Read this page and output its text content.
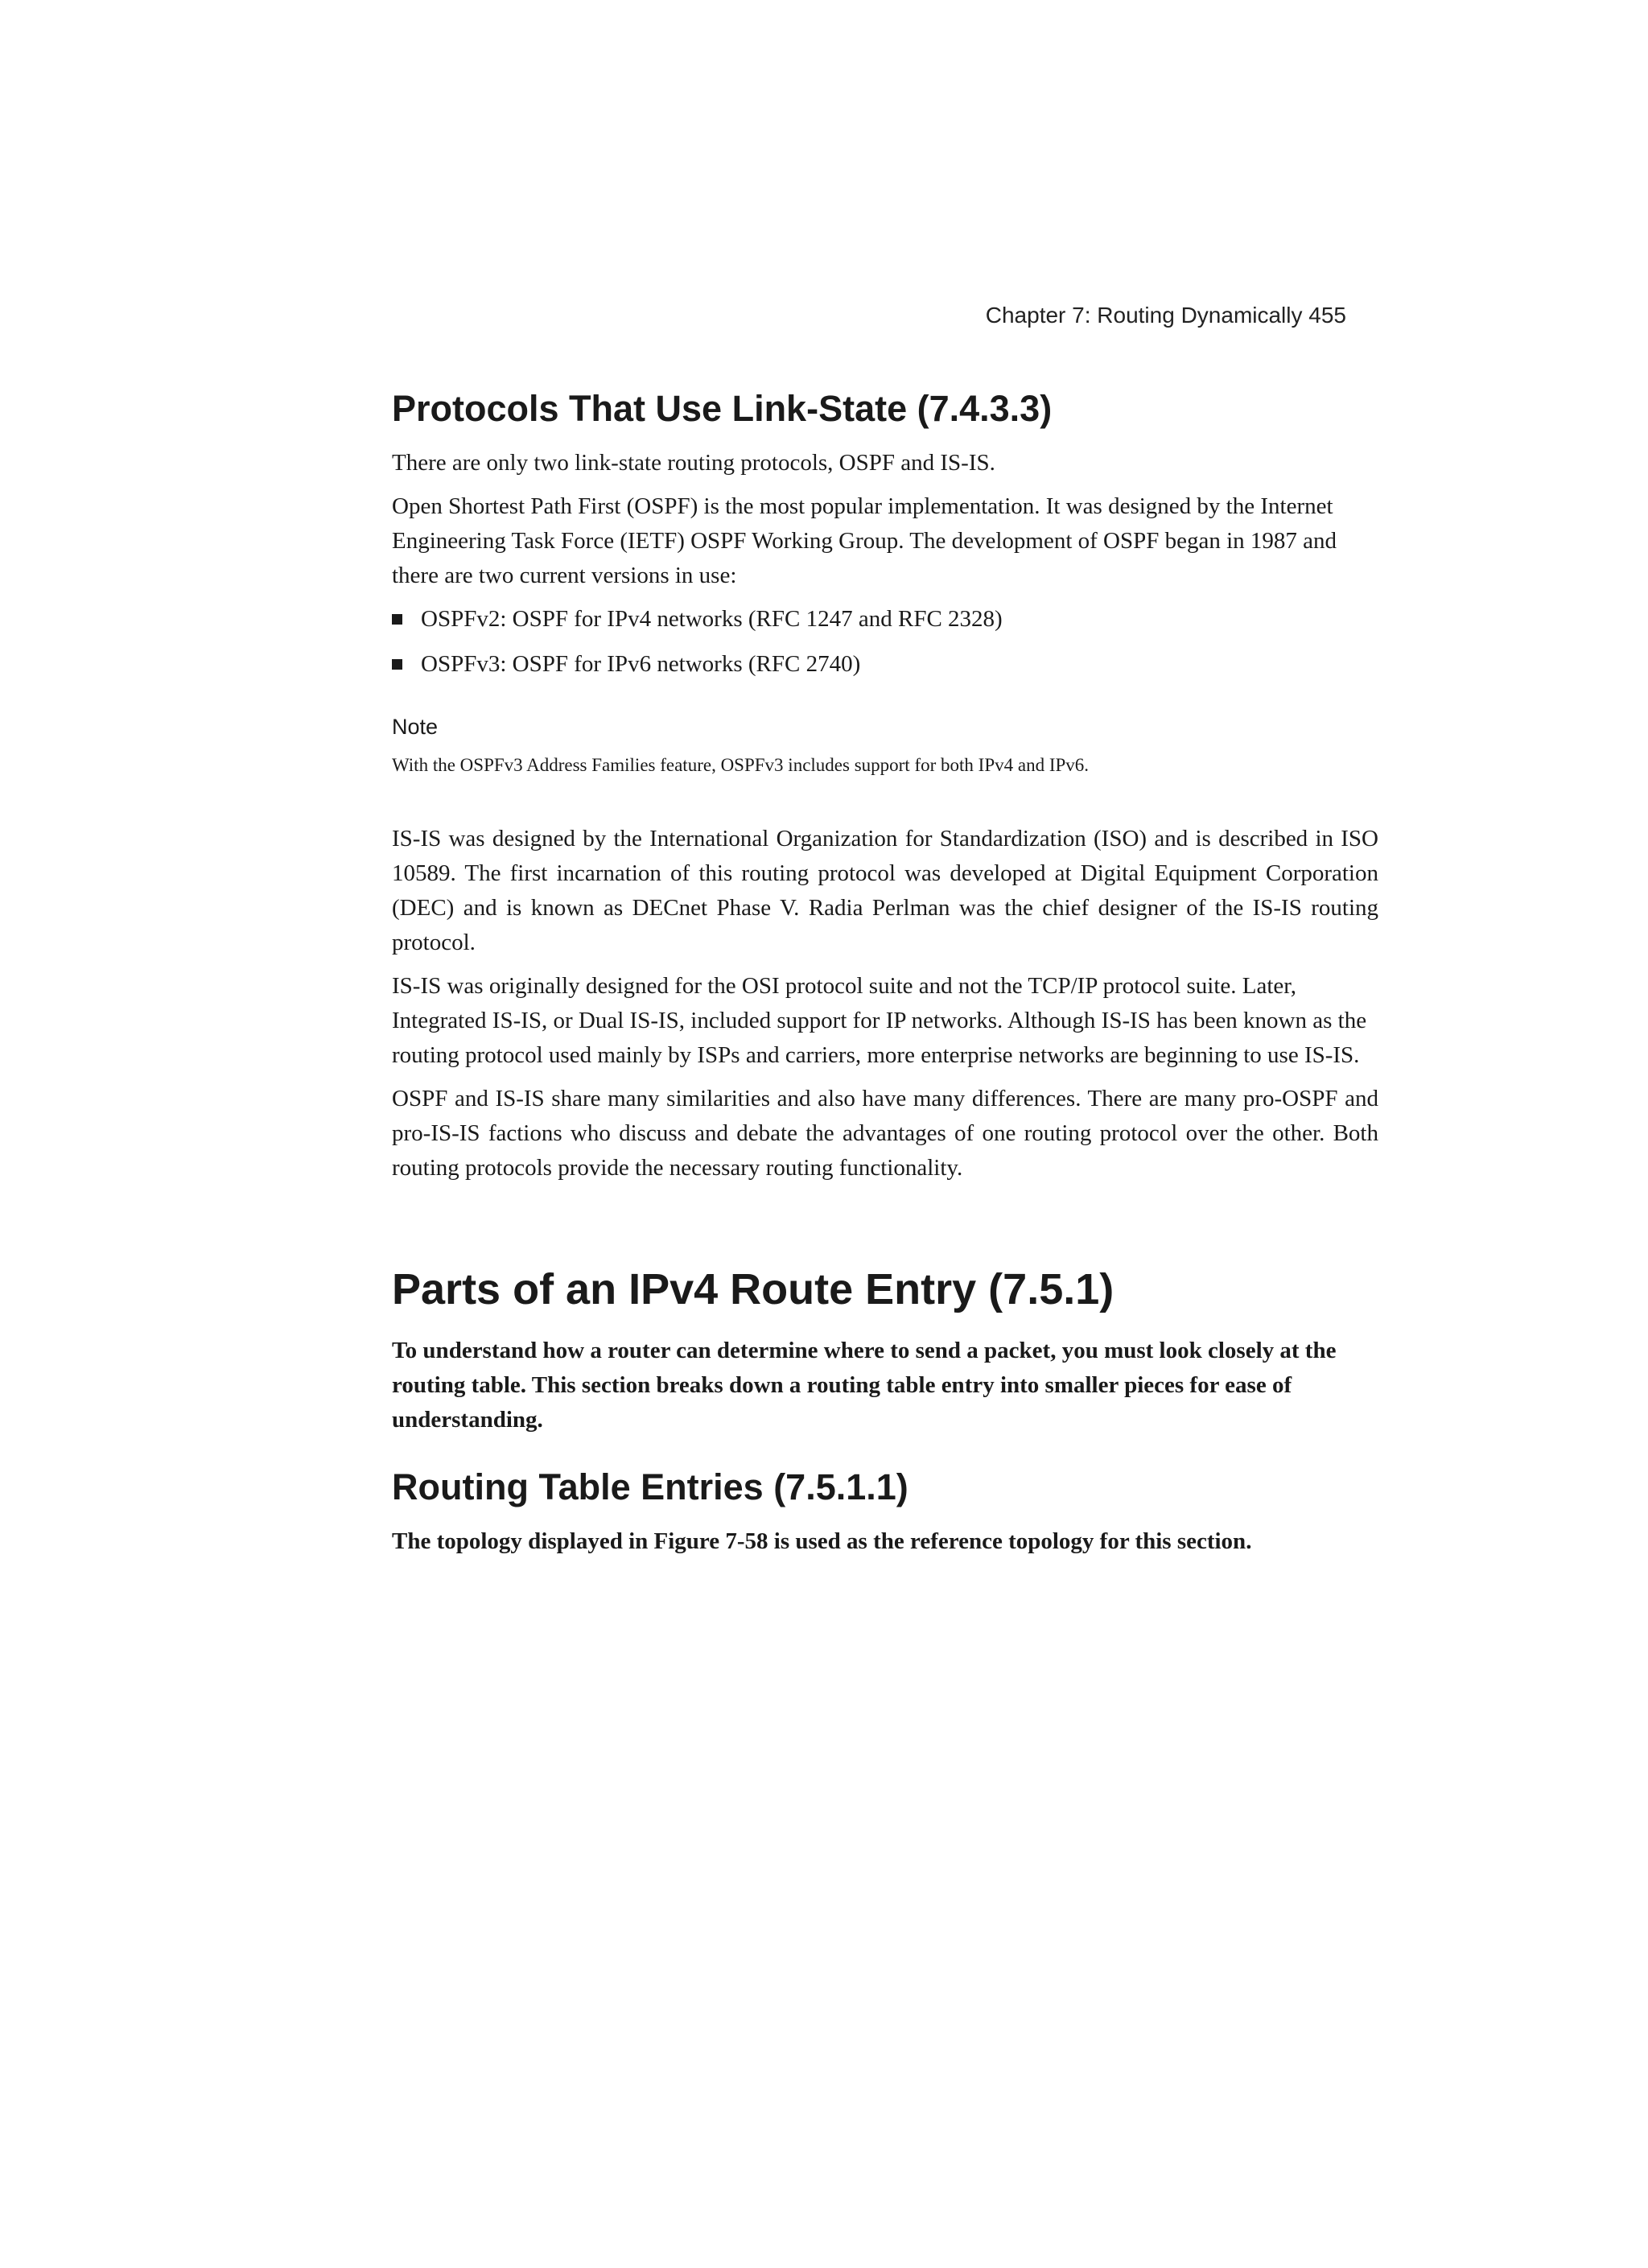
Chapter 7: Routing Dynamically 455

Protocols That Use Link-State (7.4.3.3)

There are only two link-state routing protocols, OSPF and IS-IS.

Open Shortest Path First (OSPF) is the most popular implementation. It was designed by the Internet Engineering Task Force (IETF) OSPF Working Group. The development of OSPF began in 1987 and there are two current versions in use:

OSPFv2: OSPF for IPv4 networks (RFC 1247 and RFC 2328)
OSPFv3: OSPF for IPv6 networks (RFC 2740)
Note
With the OSPFv3 Address Families feature, OSPFv3 includes support for both IPv4 and IPv6.

IS-IS was designed by the International Organization for Standardization (ISO) and is described in ISO 10589. The first incarnation of this routing protocol was developed at Digital Equipment Corporation (DEC) and is known as DECnet Phase V. Radia Perlman was the chief designer of the IS-IS routing protocol.

IS-IS was originally designed for the OSI protocol suite and not the TCP/IP protocol suite. Later, Integrated IS-IS, or Dual IS-IS, included support for IP networks. Although IS-IS has been known as the routing protocol used mainly by ISPs and carriers, more enterprise networks are beginning to use IS-IS.

OSPF and IS-IS share many similarities and also have many differences. There are many pro-OSPF and pro-IS-IS factions who discuss and debate the advantages of one routing protocol over the other. Both routing protocols provide the necessary routing functionality.

Parts of an IPv4 Route Entry (7.5.1)

To understand how a router can determine where to send a packet, you must look closely at the routing table. This section breaks down a routing table entry into smaller pieces for ease of understanding.

Routing Table Entries (7.5.1.1)

The topology displayed in Figure 7-58 is used as the reference topology for this section.
